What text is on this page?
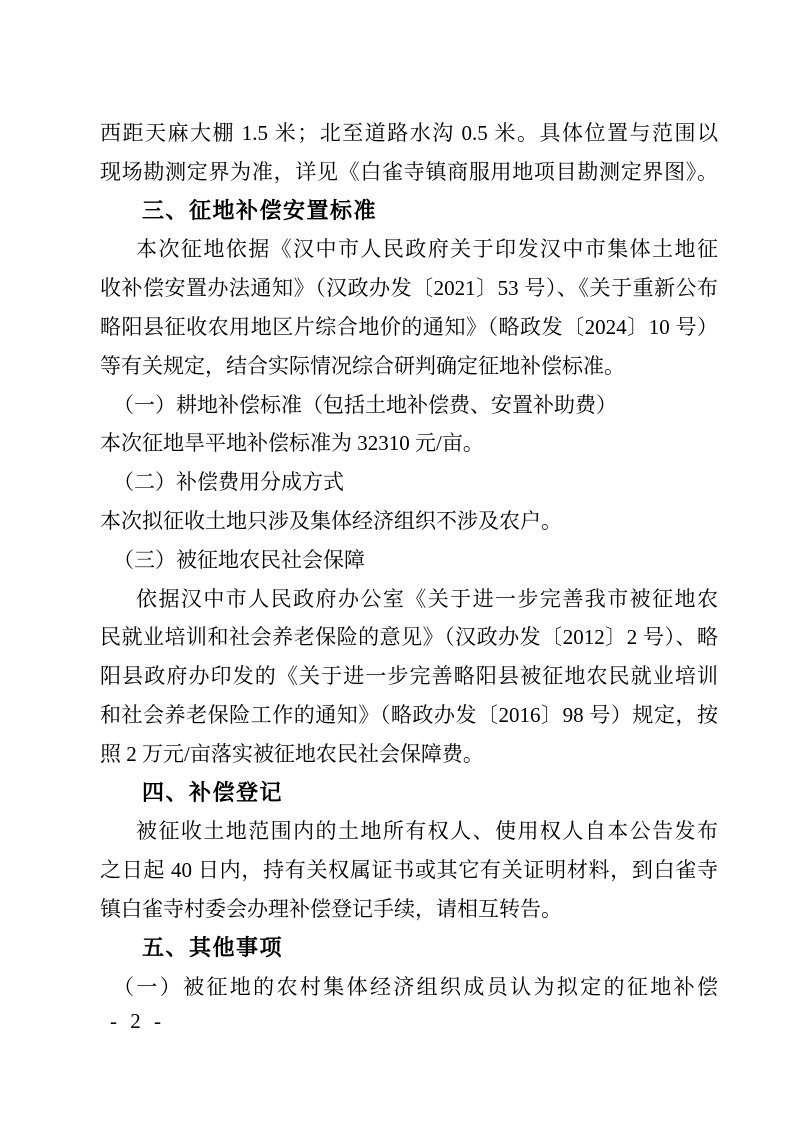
西距天麻大棚 1.5 米；北至道路水沟 0.5 米。具体位置与范围以
现场勘测定界为准，详见《白雀寺镇商服用地项目勘测定界图》。
三、征地补偿安置标准
本次征地依据《汉中市人民政府关于印发汉中市集体土地征
收补偿安置办法通知》（汉政办发〔2021〕53 号）、《关于重新公布
略阳县征收农用地区片综合地价的通知》（略政发〔2024〕10 号）
等有关规定，结合实际情况综合研判确定征地补偿标准。
（一）耕地补偿标准（包括土地补偿费、安置补助费）
本次征地旱平地补偿标准为 32310 元/亩。
（二）补偿费用分成方式
本次拟征收土地只涉及集体经济组织不涉及农户。
（三）被征地农民社会保障
依据汉中市人民政府办公室《关于进一步完善我市被征地农
民就业培训和社会养老保险的意见》（汉政办发〔2012〕2 号）、略
阳县政府办印发的《关于进一步完善略阳县被征地农民就业培训
和社会养老保险工作的通知》（略政办发〔2016〕98 号）规定，按
照 2 万元/亩落实被征地农民社会保障费。
四、补偿登记
被征收土地范围内的土地所有权人、使用权人自本公告发布
之日起 40 日内，持有关权属证书或其它有关证明材料，到白雀寺
镇白雀寺村委会办理补偿登记手续，请相互转告。
五、其他事项
（一）被征地的农村集体经济组织成员认为拟定的征地补偿
- 2 -
